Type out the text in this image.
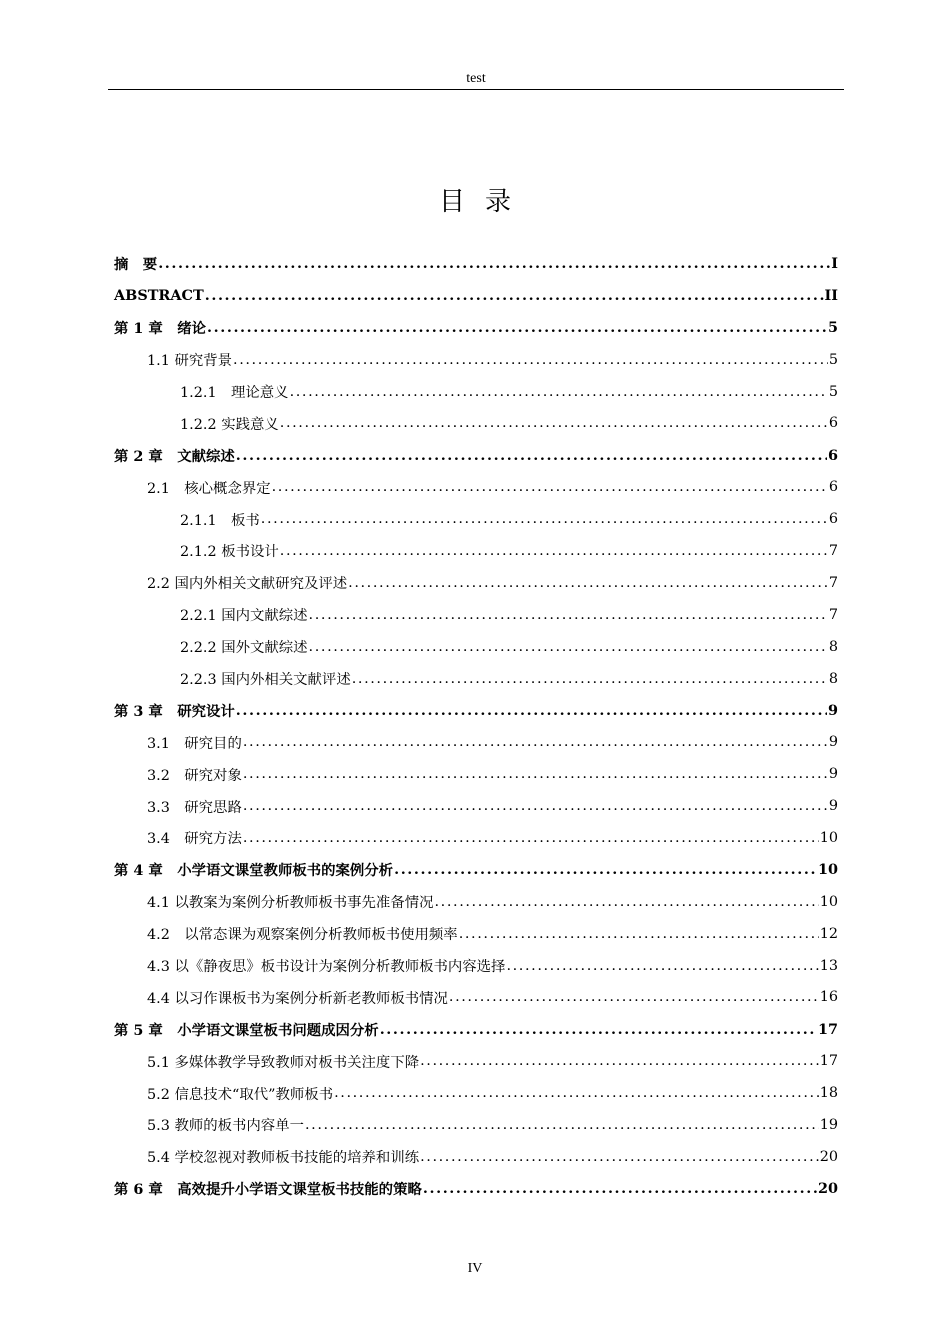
test
目录
摘　要 .....	I
ABSTRACT .....	II
第 1 章　绪论 .....	5
1.1 研究背景 .....	5
1.2.1　理论意义 .....	5
1.2.2 实践意义 .....	6
第 2 章　文献综述 .....	6
2.1　核心概念界定 .....	6
2.1.1　板书 .....	6
2.1.2 板书设计 .....	7
2.2 国内外相关文献研究及评述 .....	7
2.2.1 国内文献综述 .....	7
2.2.2 国外文献综述 .....	8
2.2.3 国内外相关文献评述 .....	8
第 3 章　研究设计 .....	9
3.1　研究目的 .....	9
3.2　研究对象 .....	9
3.3　研究思路 .....	9
3.4　研究方法 .....	10
第 4 章　小学语文课堂教师板书的案例分析 .....	10
4.1 以教案为案例分析教师板书事先准备情况 .....	10
4.2　以常态课为观察案例分析教师板书使用频率 .....	12
4.3 以《静夜思》板书设计为案例分析教师板书内容选择 .....	13
4.4 以习作课板书为案例分析新老教师板书情况 .....	16
第 5 章　小学语文课堂板书问题成因分析 .....	17
5.1 多媒体教学导致教师对板书关注度下降 .....	17
5.2 信息技术“取代”教师板书 .....	18
5.3 教师的板书内容单一 .....	19
5.4 学校忽视对教师板书技能的培养和训练 .....	20
第 6 章　高效提升小学语文课堂板书技能的策略 .....	20
IV
